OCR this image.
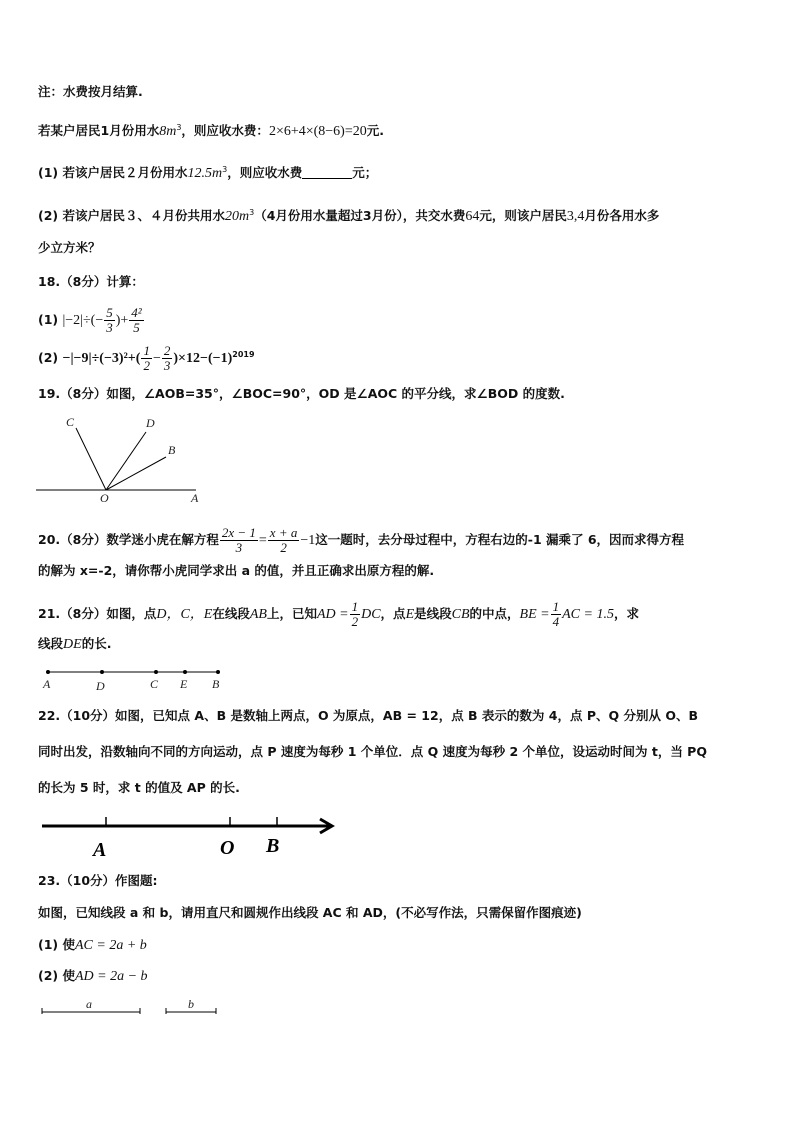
注：水费按月结算.
若某户居民1月份用水$8m^3$，则应收水费：2×6+4×(8−6)=20元.
(1) 若该户居民２月份用水$12.5m^3$，则应收水费	元；
(2) 若该户居民３、４月份共用水$20m^3(4$月份用水量超过3月份），共交水费64元，则该户居民3,4月份各用水多
少立方米？
18.（8分）计算：
(1) $|-2|\div(- \frac{5}{3}$ )+ $\frac{\text{4²}}{5}$
$(2) -|-9|\div(-3)^2+( \frac{1}{2} - \frac{2}{3} )\times 12-(-1)^{2019}$
19.（8分）如图，∠AOB=35°，∠BOC=90°，OD 是∠AOC 的平分线，求∠BOD 的度数.
C	D
B
O	A
20.（8分）数学迷小虎在解方程 $\frac{2x - 1}{3} = \frac{x + a}{2} -1$这一题时，去分母过程中，方程右边的-1 漏乘了 6，因而求得方程
的解为 x=-2，请你帮小虎同学求出 a 的值，并且正确求出原方程的解.
21.（8分）如图，点D，C，E在线段AB上，已知AD = $\frac{1}{2}$ DC，点E是线段CB的中点，BE = $\frac{1}{4}$ AC = 1.5，求
线段DE的长.
A	D	C E B
22.（10分）如图，已知点 A、B 是数轴上两点，O 为原点，AB = 12，点 B 表示的数为 4，点 P、Q 分别从 O、B
同时出发，沿数轴向不同的方向运动，点 P 速度为每秒 1 个单位．点 Q 速度为每秒 2 个单位，设运动时间为 t，当 PQ
的长为 5 时，求 t 的值及 AP 的长.
A	O B
23.（10分）作图题:
如图，已知线段 a 和 b，请用直尺和圆规作出线段 AC 和 AD，(不必写作法，只需保留作图痕迹)
(1) 使AC = 2a + b
(2) 使AD = 2a − b
a	b
